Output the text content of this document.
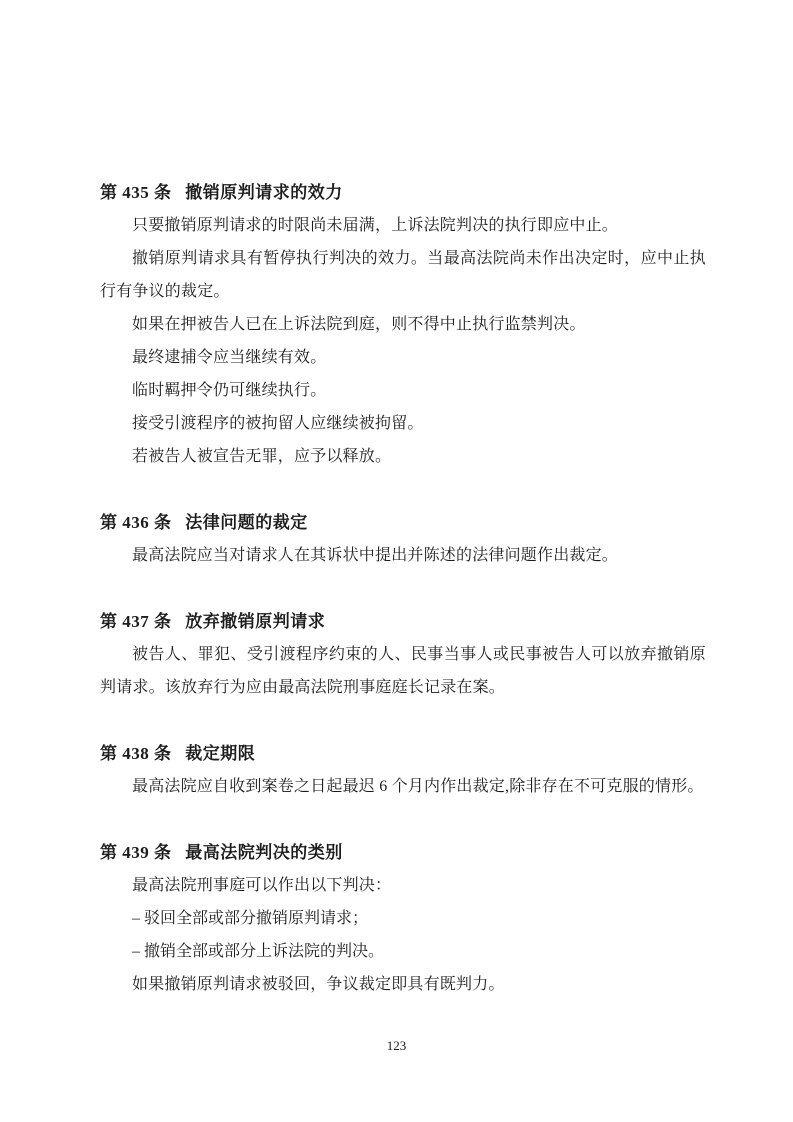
第 435 条 撤销原判请求的效力

只要撤销原判请求的时限尚未届满，上诉法院判决的执行即应中止。

撤销原判请求具有暂停执行判决的效力。当最高法院尚未作出决定时，应中止执行有争议的裁定。

如果在押被告人已在上诉法院到庭，则不得中止执行监禁判决。

最终逮捕令应当继续有效。

临时羁押令仍可继续执行。

接受引渡程序的被拘留人应继续被拘留。

若被告人被宣告无罪，应予以释放。

第 436 条 法律问题的裁定

最高法院应当对请求人在其诉状中提出并陈述的法律问题作出裁定。

第 437 条 放弃撤销原判请求

被告人、罪犯、受引渡程序约束的人、民事当事人或民事被告人可以放弃撤销原判请求。该放弃行为应由最高法院刑事庭庭长记录在案。

第 438 条 裁定期限

最高法院应自收到案卷之日起最迟 6 个月内作出裁定,除非存在不可克服的情形。

第 439 条 最高法院判决的类别

最高法院刑事庭可以作出以下判决：

– 驳回全部或部分撤销原判请求；

– 撤销全部或部分上诉法院的判决。

如果撤销原判请求被驳回，争议裁定即具有既判力。

123
